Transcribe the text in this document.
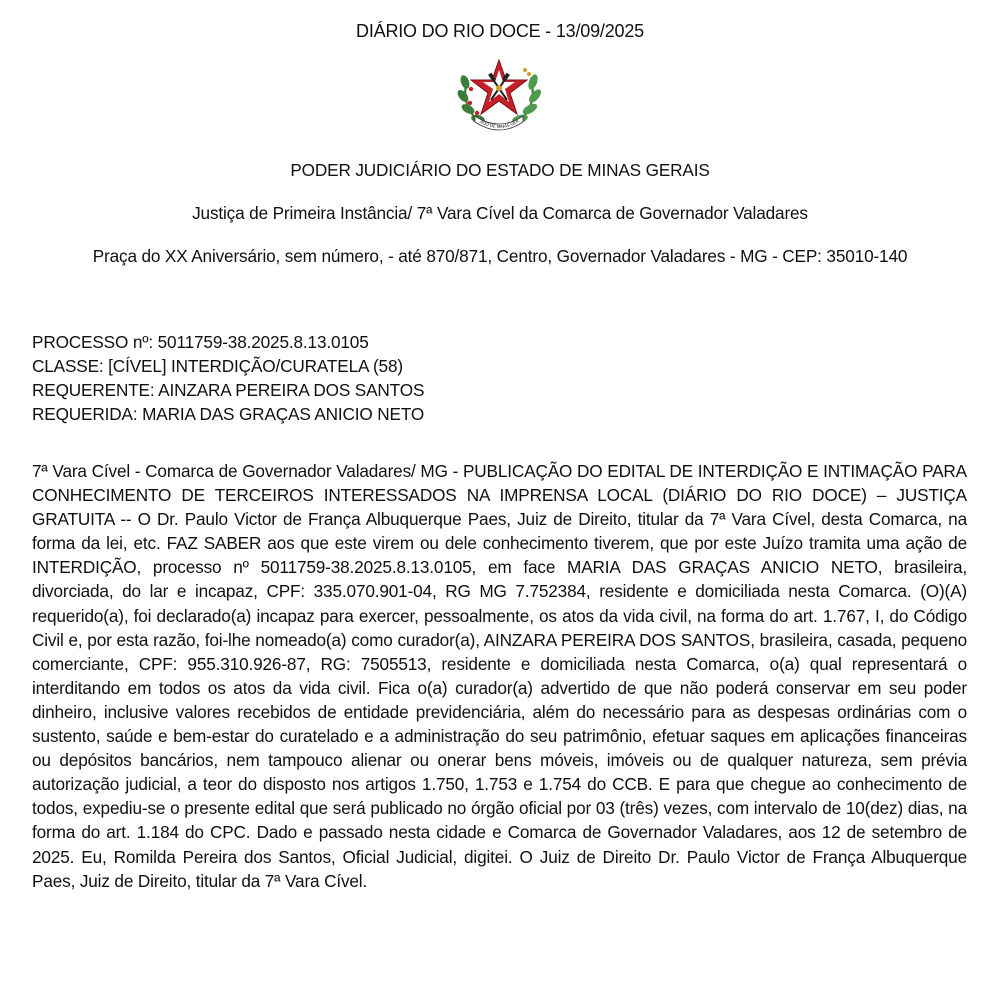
DIÁRIO DO RIO DOCE - 13/09/2025
ADO DE MINAS GER
PODER JUDICIÁRIO DO ESTADO DE MINAS GERAIS
Justiça de Primeira Instância/ 7ª Vara Cível da Comarca de Governador Valadares
Praça do XX Aniversário, sem número, - até 870/871, Centro, Governador Valadares - MG - CEP: 35010-140
PROCESSO nº: 5011759-38.2025.8.13.0105
CLASSE: [CÍVEL] INTERDIÇÃO/CURATELA (58)
REQUERENTE: AINZARA PEREIRA DOS SANTOS
REQUERIDA: MARIA DAS GRAÇAS ANICIO NETO
7ª Vara Cível - Comarca de Governador Valadares/ MG - PUBLICAÇÃO DO EDITAL DE INTERDIÇÃO E INTIMAÇÃO PARA CONHECIMENTO DE TERCEIROS INTERESSADOS NA IMPRENSA LOCAL (DIÁRIO DO RIO DOCE) – JUSTIÇA GRATUITA -- O Dr. Paulo Victor de França Albuquerque Paes, Juiz de Direito, titular da 7ª Vara Cível, desta Comarca, na forma da lei, etc. FAZ SABER aos que este virem ou dele conhecimento tiverem, que por este Juízo tramita uma ação de INTERDIÇÃO, processo nº 5011759-38.2025.8.13.0105, em face MARIA DAS GRAÇAS ANICIO NETO, brasileira, divorciada, do lar e incapaz, CPF: 335.070.901-04, RG MG 7.752384, residente e domiciliada nesta Comarca. (O)(A) requerido(a), foi declarado(a) incapaz para exercer, pessoalmente, os atos da vida civil, na forma do art. 1.767, I, do Código Civil e, por esta razão, foi-lhe nomeado(a) como curador(a), AINZARA PEREIRA DOS SANTOS, brasileira, casada, pequeno comerciante, CPF: 955.310.926-87, RG: 7505513, residente e domiciliada nesta Comarca, o(a) qual representará o interditando em todos os atos da vida civil. Fica o(a) curador(a) advertido de que não poderá conservar em seu poder dinheiro, inclusive valores recebidos de entidade previdenciária, além do necessário para as despesas ordinárias com o sustento, saúde e bem-estar do curatelado e a administração do seu patrimônio, efetuar saques em aplicações financeiras ou depósitos bancários, nem tampouco alienar ou onerar bens móveis, imóveis ou de qualquer natureza, sem prévia autorização judicial, a teor do disposto nos artigos 1.750, 1.753 e 1.754 do CCB. E para que chegue ao conhecimento de todos, expediu-se o presente edital que será publicado no órgão oficial por 03 (três) vezes, com intervalo de 10(dez) dias, na forma do art. 1.184 do CPC. Dado e passado nesta cidade e Comarca de Governador Valadares, aos 12 de setembro de 2025. Eu, Romilda Pereira dos Santos, Oficial Judicial, digitei. O Juiz de Direito Dr. Paulo Victor de França Albuquerque Paes, Juiz de Direito, titular da 7ª Vara Cível.
